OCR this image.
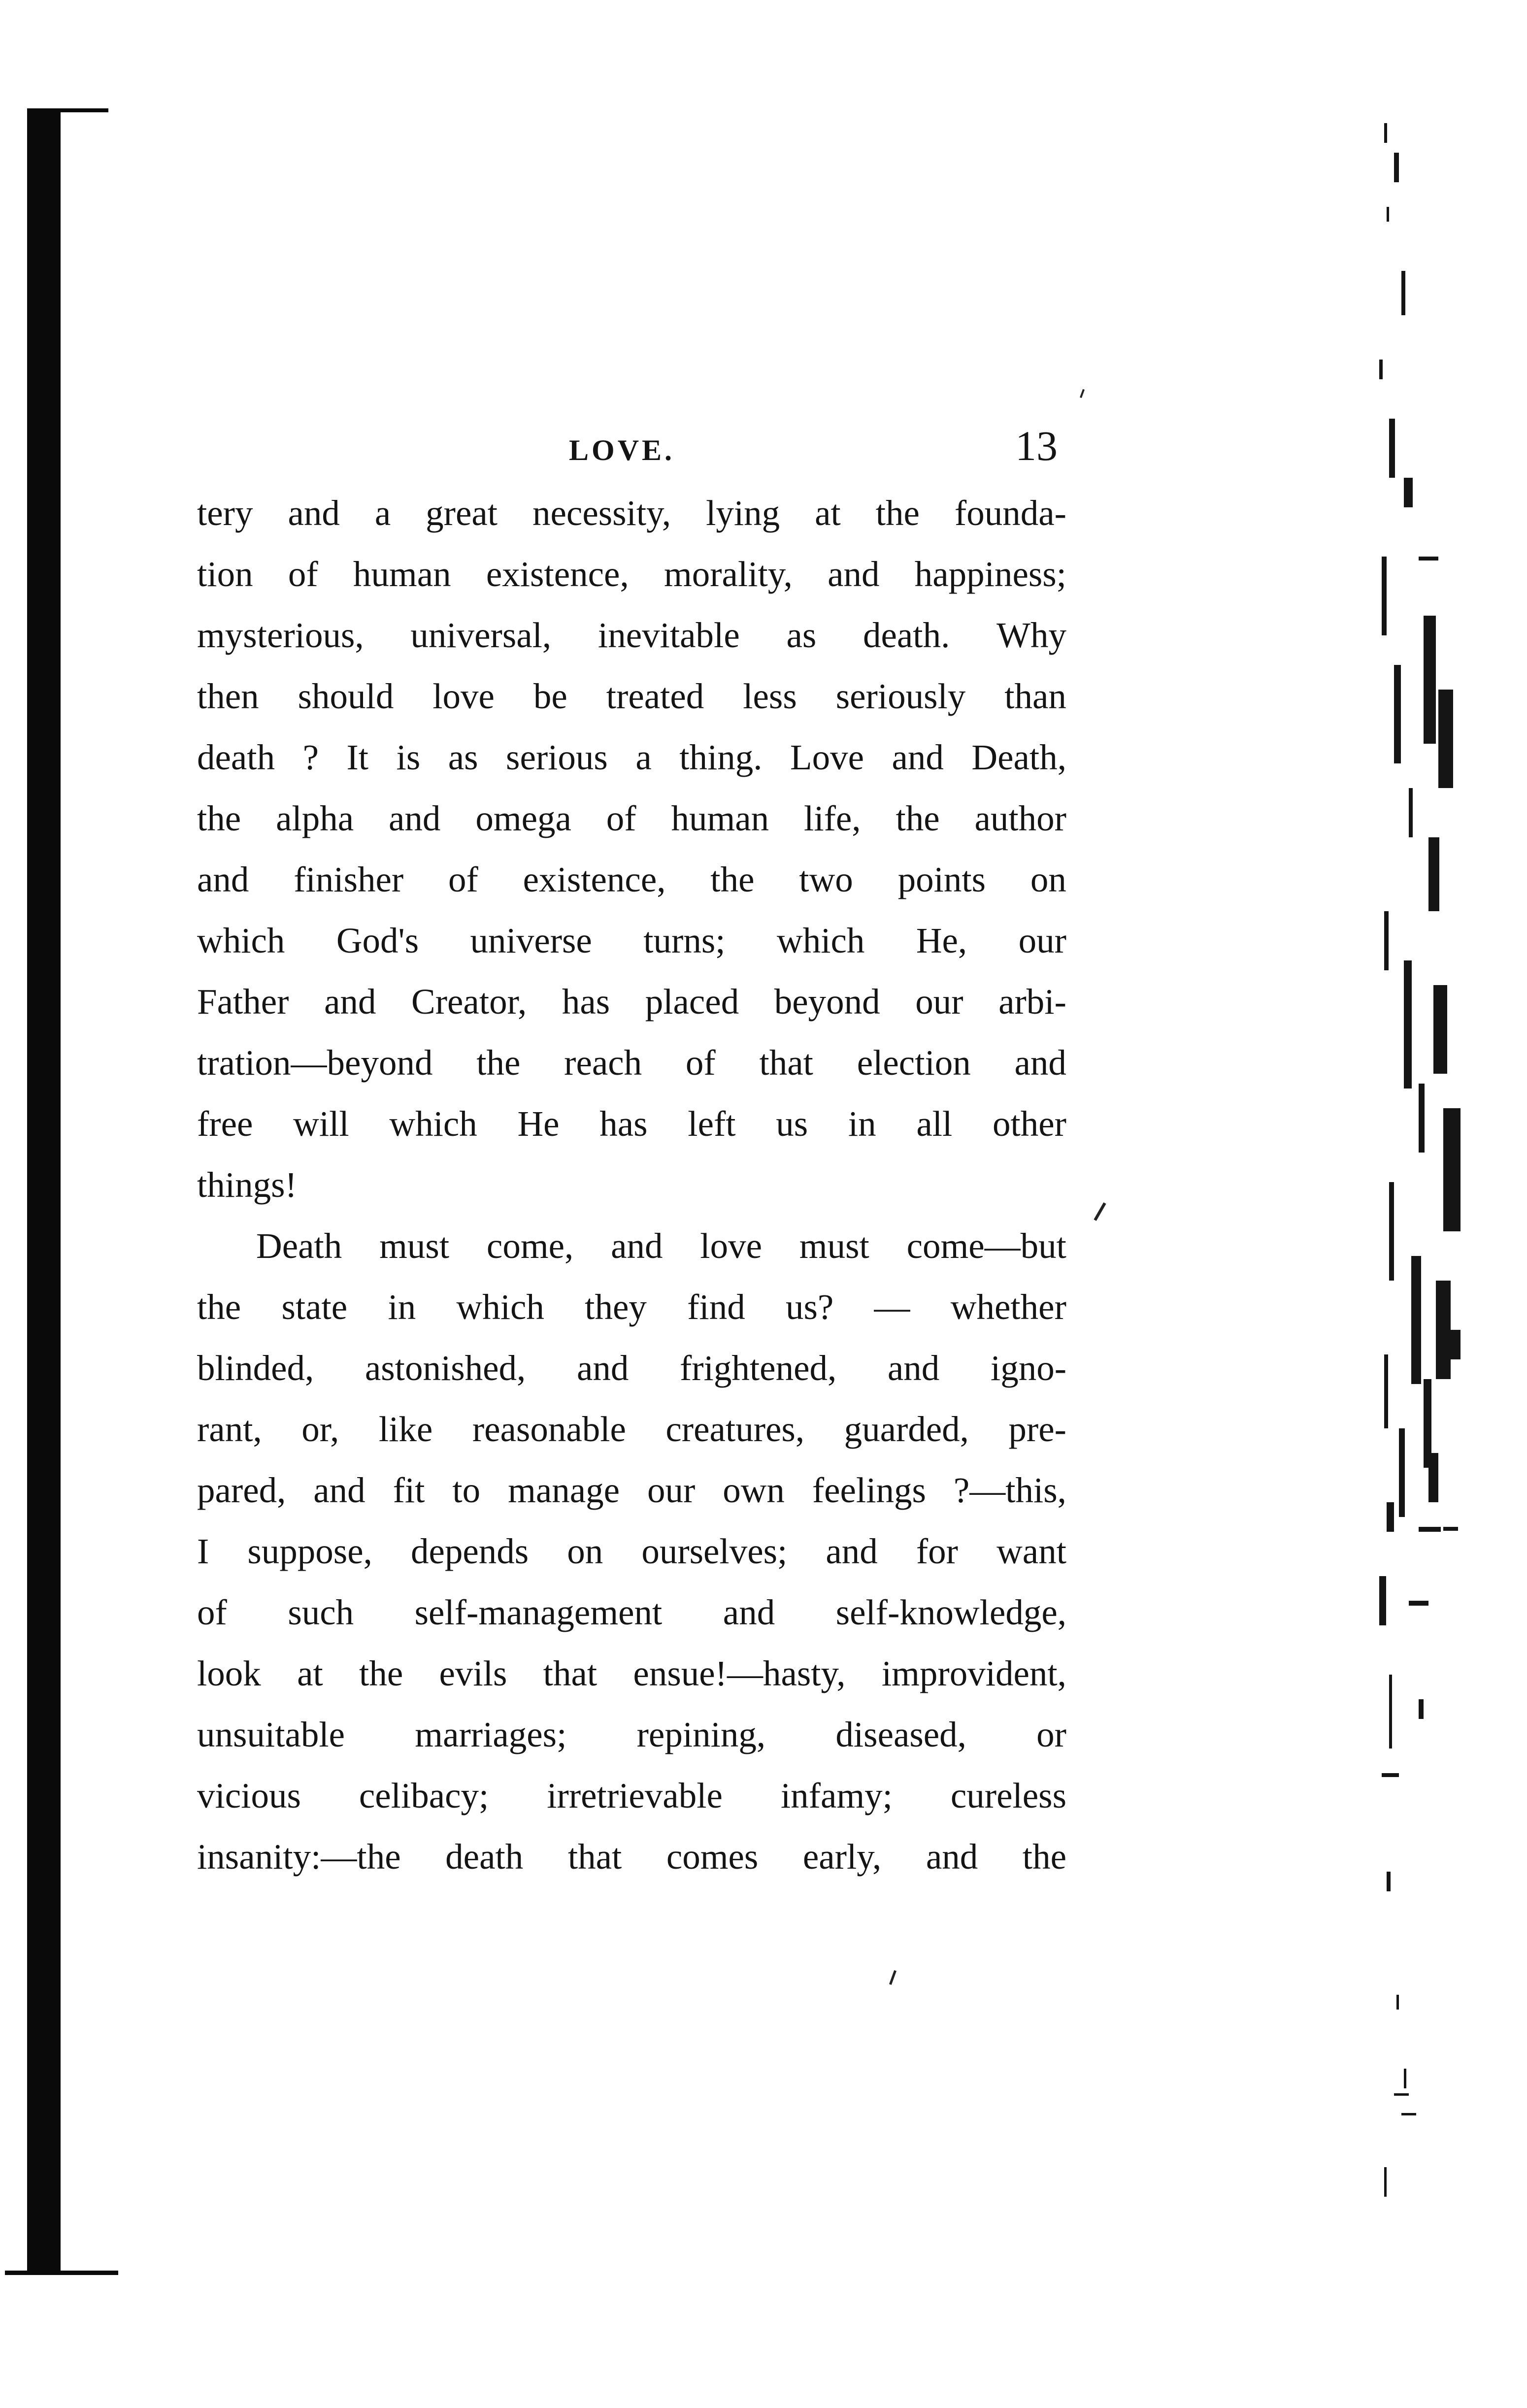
LOVE.	13
tery and a great necessity, lying at the founda-
tion of human existence, morality, and happiness;
mysterious, universal, inevitable as death. Why
then should love be treated less seriously than
death ? It is as serious a thing. Love and Death,
the alpha and omega of human life, the author
and finisher of existence, the two points on
which God's universe turns; which He, our
Father and Creator, has placed beyond our arbi-
tration—beyond the reach of that election and
free will which He has left us in all other
things!
Death must come, and love must come—but
the state in which they find us? — whether
blinded, astonished, and frightened, and igno-
rant, or, like reasonable creatures, guarded, pre-
pared, and fit to manage our own feelings ?—this,
I suppose, depends on ourselves; and for want
of such self-management and self-knowledge,
look at the evils that ensue!—hasty, improvident,
unsuitable marriages; repining, diseased, or
vicious celibacy; irretrievable infamy; cureless
insanity:—the death that comes early, and the
